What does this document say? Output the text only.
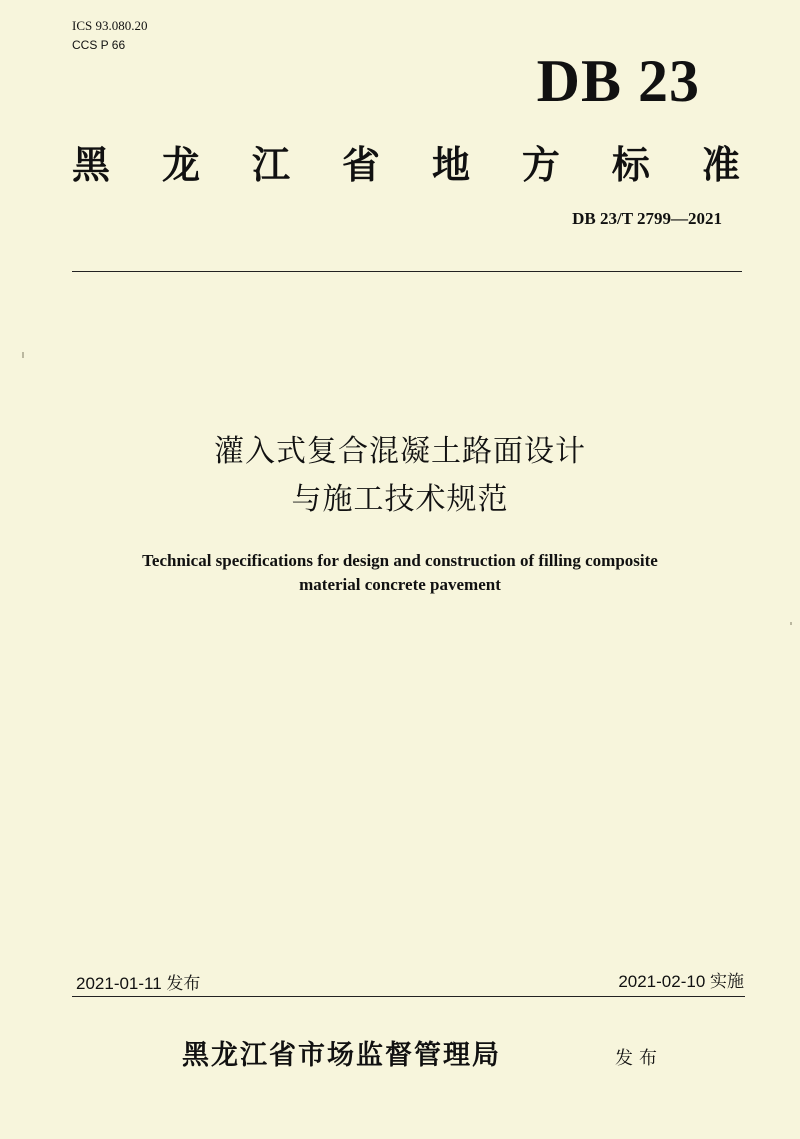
ICS 93.080.20
CCS P 66
DB 23
黑 龙 江 省 地 方 标 准
DB 23/T 2799—2021
灌入式复合混凝土路面设计
与施工技术规范
Technical specifications for design and construction of filling composite
material concrete pavement
2021-01-11 发布	2021-02-10 实施
黑龙江省市场监督管理局	发布
